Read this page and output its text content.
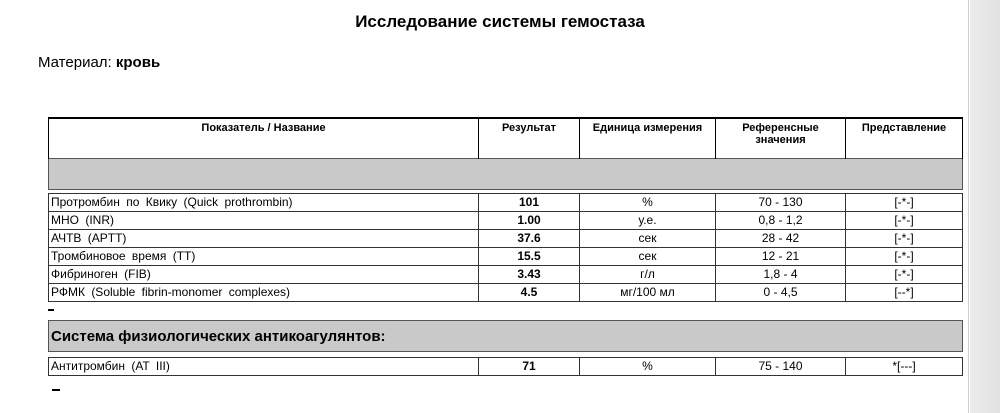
Исследование системы гемостаза
Материал: кровь
Показатель / Название	Результат	Единица измерения	Референсные значения	Представление

Протромбин по Квику (Quick prothrombin)	101	%	70 - 130	[-*-]
МНО (INR)	1.00	у.е.	0,8 - 1,2	[-*-]
АЧТВ (APTT)	37.6	сек	28 - 42	[-*-]
Тромбиновое время (TT)	15.5	сек	12 - 21	[-*-]
Фибриноген (FIB)	3.43	г/л	1,8 - 4	[-*-]
РФМК (Soluble fibrin-monomer complexes)	4.5	мг/100 мл	0 - 4,5	[--*]
Система физиологических антикоагулянтов:

Антитромбин (AT III)	71	%	75 - 140	*[---]
